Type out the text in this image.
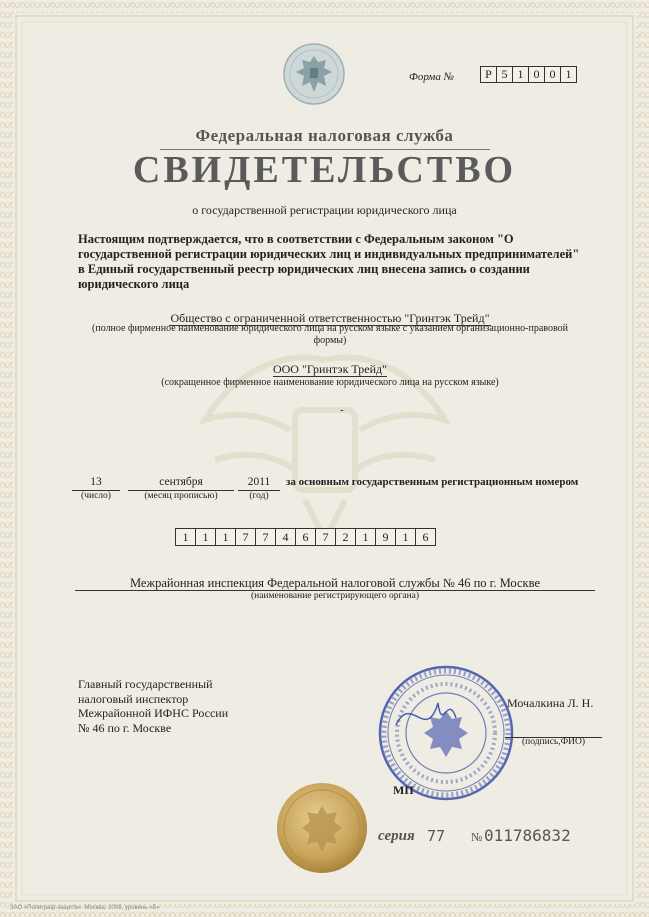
Форма №	Р 5 1 0 0 1
Федеральная налоговая служба
СВИДЕТЕЛЬСТВО
о государственной регистрации юридического лица
Настоящим подтверждается, что в соответствии с Федеральным законом "О
государственной регистрации юридических лиц и индивидуальных предпринимателей"
в Единый государственный реестр юридических лиц внесена запись о создании
юридического лица
Общество с ограниченной ответственностью "Гринтэк Трейд"
(полное фирменное наименование юридического лица на русском языке с указанием организационно-правовой
формы)
ООО "Гринтэк Трейд"
(сокращенное фирменное наименование юридического лица на русском языке)
-
13
(число)
сентября
(месяц прописью)
2011
(год)
за основным государственным регистрационным номером
1	1	1	7	7	4	6	7	2	1	9	1	6
Межрайонная инспекция Федеральной налоговой службы № 46 по г. Москве
(наименование регистрирующего органа)
Главный государственный
налоговый инспектор
Межрайонной ИФНС России
№ 46 по г. Москве
Мочалкина Л. Н.
(подпись,ФИО)
МП
серия 77 № 011786832
ЗАО «Полиграф-защита». Москва, 2008, уровень «Б»
